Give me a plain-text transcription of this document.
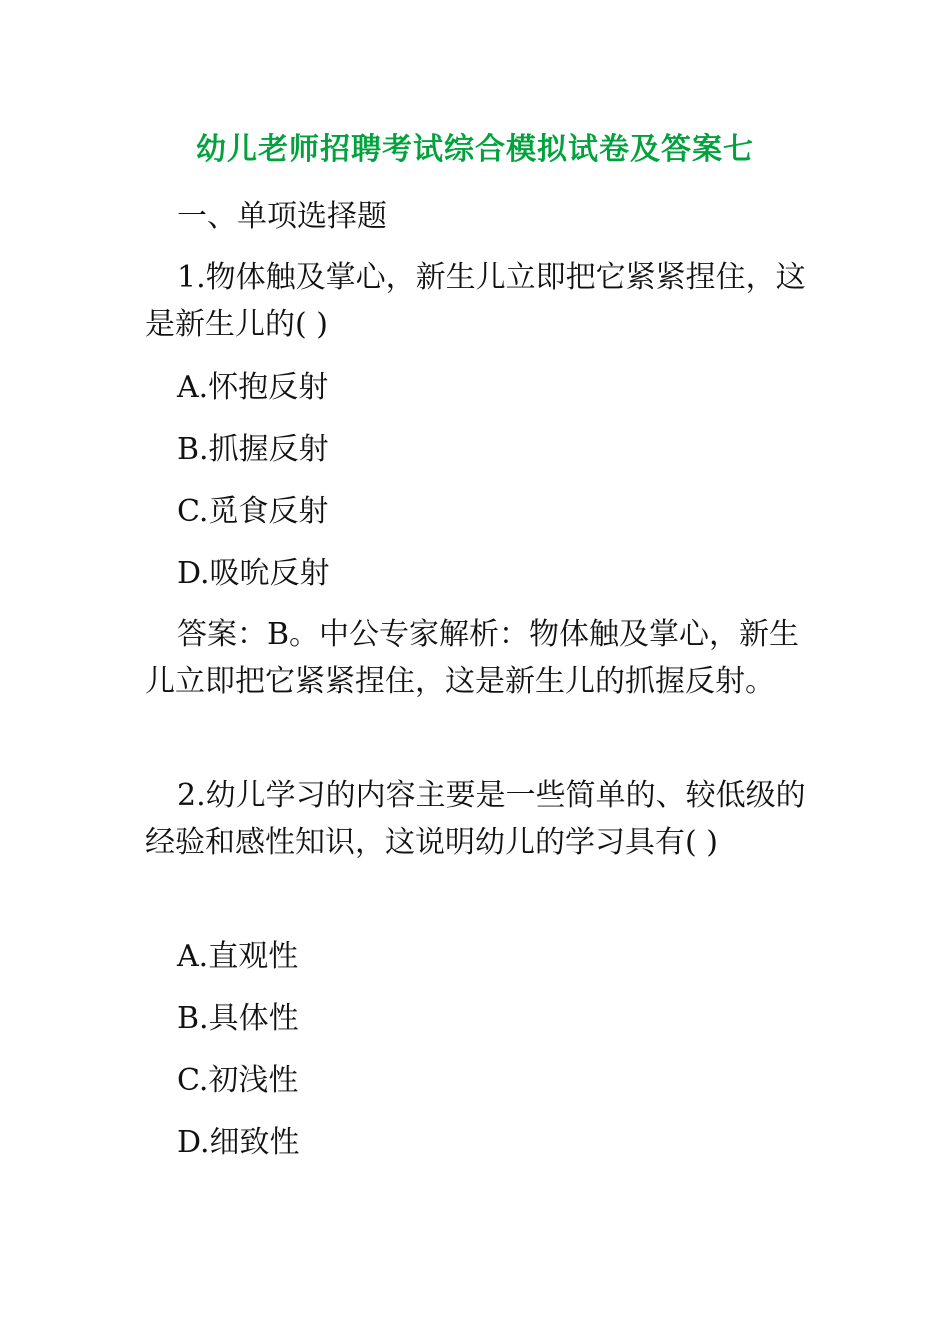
幼儿老师招聘考试综合模拟试卷及答案七

一、单项选择题

1.物体触及掌心，新生儿立即把它紧紧捏住，这是新生儿的( )

A.怀抱反射

B.抓握反射

C.觅食反射

D.吸吮反射

答案：B。中公专家解析：物体触及掌心，新生儿立即把它紧紧捏住，这是新生儿的抓握反射。

2.幼儿学习的内容主要是一些简单的、较低级的经验和感性知识，这说明幼儿的学习具有( )

A.直观性

B.具体性

C.初浅性

D.细致性
